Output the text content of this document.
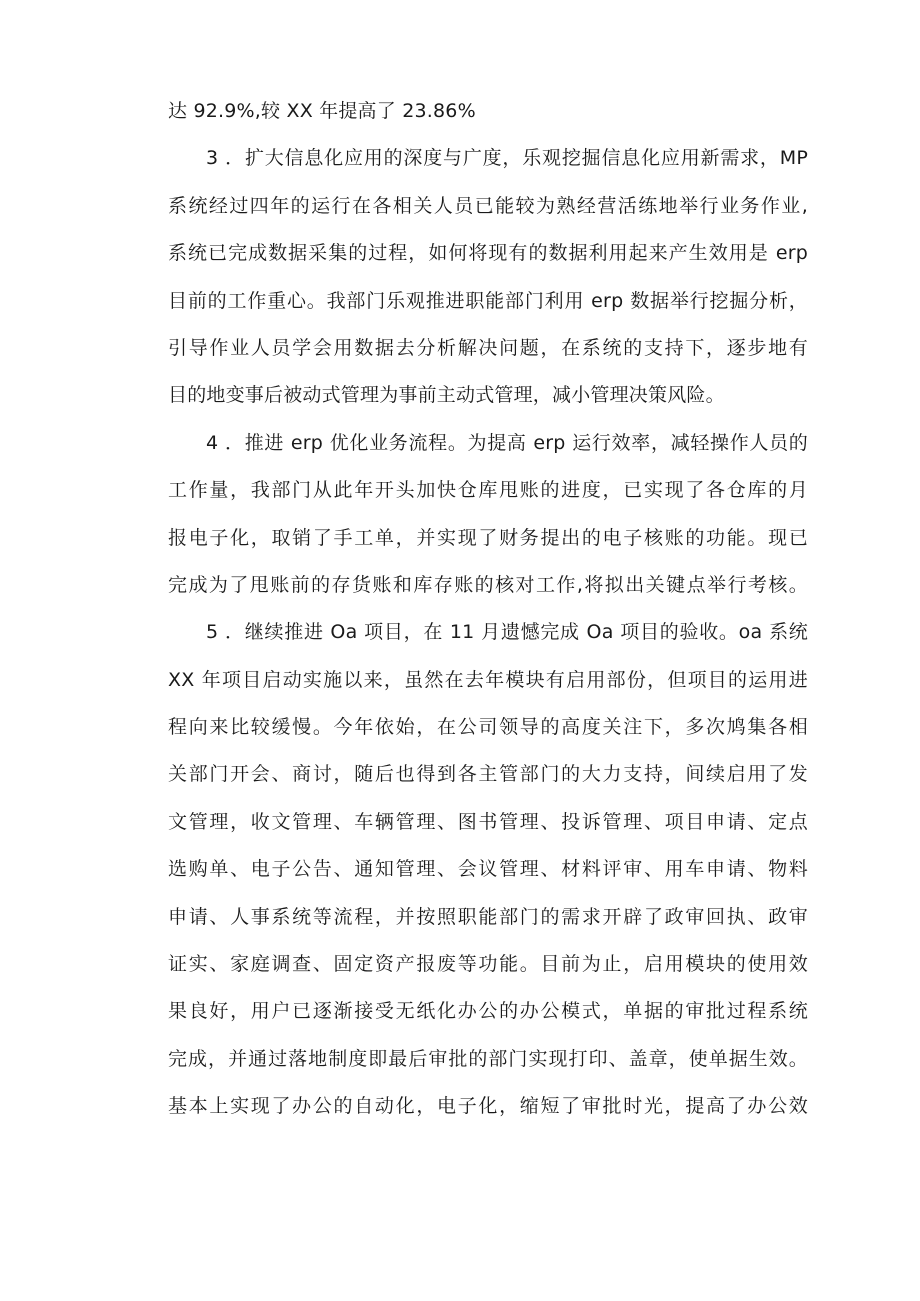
达 92.9%,较 XX 年提高了 23.86%
3 ．扩大信息化应用的深度与广度，乐观挖掘信息化应用新需求，MP
系统经过四年的运行在各相关人员已能较为熟经营活练地举行业务作业,
系统已完成数据采集的过程，如何将现有的数据利用起来产生效用是 erp
目前的工作重心。我部门乐观推进职能部门利用 erp 数据举行挖掘分析，
引导作业人员学会用数据去分析解决问题，在系统的支持下，逐步地有
目的地变事后被动式管理为事前主动式管理，减小管理决策风险。
4 ．推进 erp 优化业务流程。为提高 erp 运行效率，减轻操作人员的
工作量，我部门从此年开头加快仓库甩账的进度，已实现了各仓库的月
报电子化，取销了手工单，并实现了财务提出的电子核账的功能。现已
完成为了甩账前的存货账和库存账的核对工作,将拟出关键点举行考核。
5 ．继续推进 Oa 项目，在 11 月遗憾完成 Oa 项目的验收。oa 系统
XX 年项目启动实施以来，虽然在去年模块有启用部份，但项目的运用进
程向来比较缓慢。今年依始，在公司领导的高度关注下，多次鸠集各相
关部门开会、商讨，随后也得到各主管部门的大力支持，间续启用了发
文管理，收文管理、车辆管理、图书管理、投诉管理、项目申请、定点
选购单、电子公告、通知管理、会议管理、材料评审、用车申请、物料
申请、人事系统等流程，并按照职能部门的需求开辟了政审回执、政审
证实、家庭调查、固定资产报废等功能。目前为止，启用模块的使用效
果良好，用户已逐渐接受无纸化办公的办公模式，单据的审批过程系统
完成，并通过落地制度即最后审批的部门实现打印、盖章，使单据生效。
基本上实现了办公的自动化，电子化，缩短了审批时光，提高了办公效
